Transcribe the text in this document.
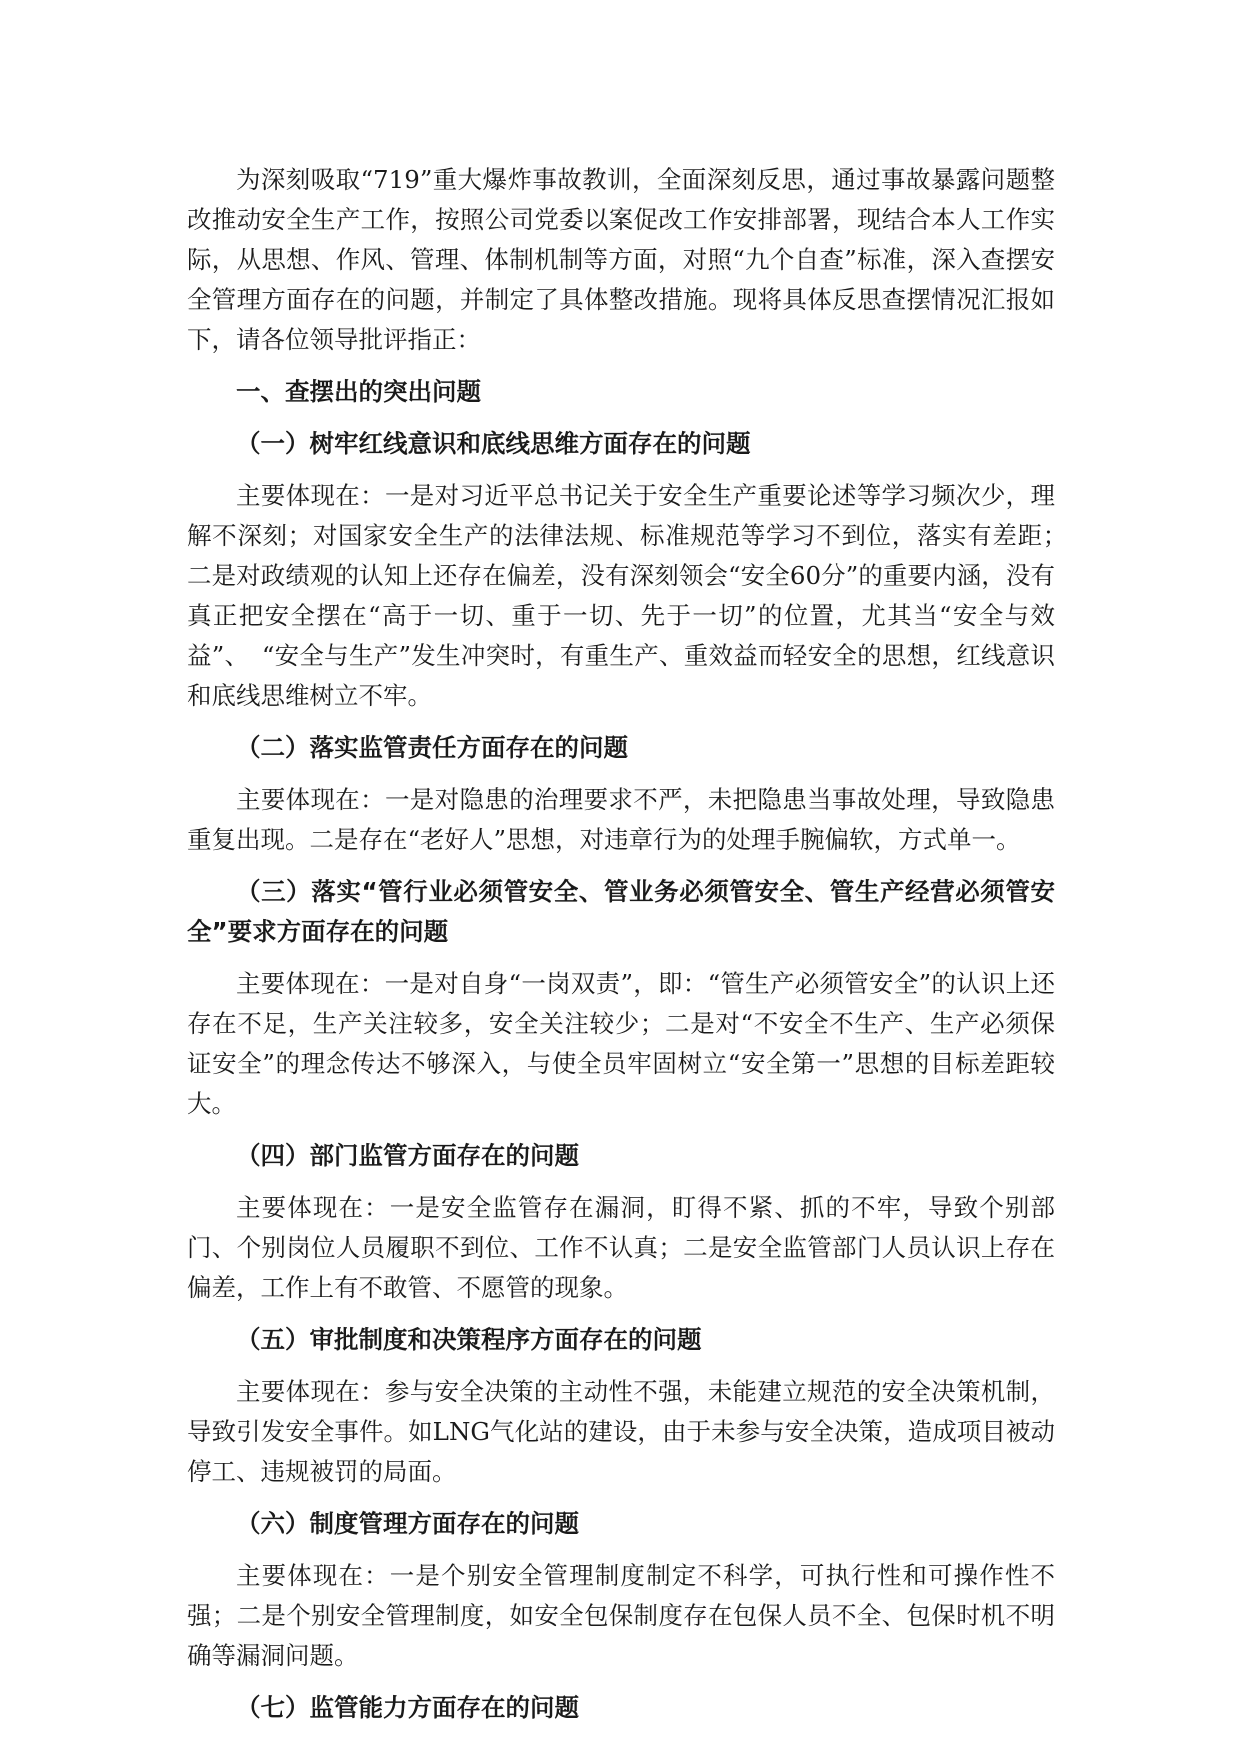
为深刻吸取“719”重大爆炸事故教训，全面深刻反思，通过事故暴露问题整改推动安全生产工作，按照公司党委以案促改工作安排部署，现结合本人工作实际，从思想、作风、管理、体制机制等方面，对照“九个自查”标准，深入查摆安全管理方面存在的问题，并制定了具体整改措施。现将具体反思查摆情况汇报如下，请各位领导批评指正：

一、查摆出的突出问题

（一）树牢红线意识和底线思维方面存在的问题

主要体现在：一是对习近平总书记关于安全生产重要论述等学习频次少，理解不深刻；对国家安全生产的法律法规、标准规范等学习不到位，落实有差距；　二是对政绩观的认知上还存在偏差，没有深刻领会“安全60分”的重要内涵，没有真正把安全摆在“高于一切、重于一切、先于一切”的位置，尤其当“安全与效益”、　“安全与生产”发生冲突时，有重生产、重效益而轻安全的思想，红线意识和底线思维树立不牢。

（二）落实监管责任方面存在的问题

主要体现在：一是对隐患的治理要求不严，未把隐患当事故处理，导致隐患重复出现。二是存在“老好人”思想，对违章行为的处理手腕偏软，方式单一。

（三）落实“管行业必须管安全、管业务必须管安全、管生产经营必须管安全”要求方面存在的问题

主要体现在：一是对自身“一岗双责”，即：“管生产必须管安全”的认识上还存在不足，生产关注较多，安全关注较少；二是对“不安全不生产、生产必须保证安全”的理念传达不够深入，与使全员牢固树立“安全第一”思想的目标差距较大。

（四）部门监管方面存在的问题

主要体现在：一是安全监管存在漏洞，盯得不紧、抓的不牢，导致个别部门、个别岗位人员履职不到位、工作不认真；二是安全监管部门人员认识上存在偏差，工作上有不敢管、不愿管的现象。

（五）审批制度和决策程序方面存在的问题

主要体现在：参与安全决策的主动性不强，未能建立规范的安全决策机制，导致引发安全事件。如LNG气化站的建设，由于未参与安全决策，造成项目被动停工、违规被罚的局面。

（六）制度管理方面存在的问题

主要体现在：一是个别安全管理制度制定不科学，可执行性和可操作性不强；二是个别安全管理制度，如安全包保制度存在包保人员不全、包保时机不明确等漏洞问题。

（七）监管能力方面存在的问题
